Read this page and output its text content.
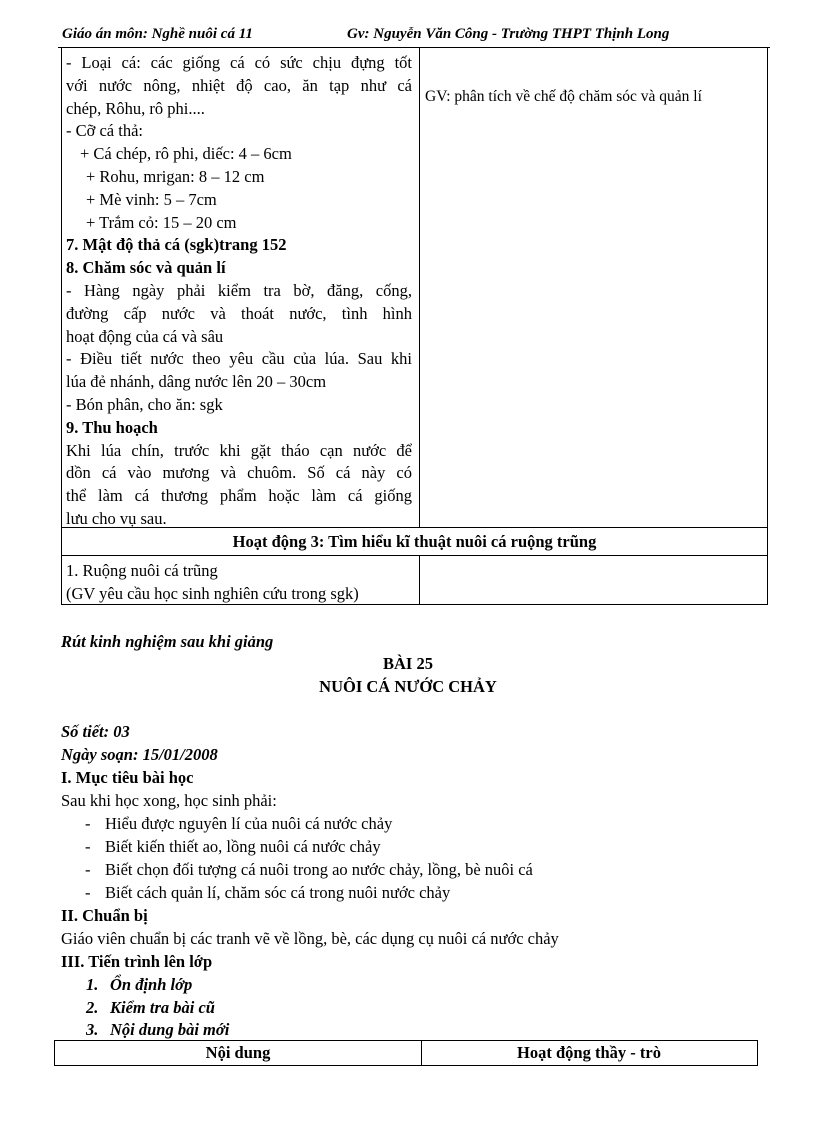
Giáo án môn: Nghề nuôi cá 11	Gv: Nguyễn Văn Công - Trường THPT Thịnh Long

- Loại cá: các giống cá có sức chịu đựng tốt

với nước nông, nhiệt độ cao, ăn tạp như cá

chép, Rôhu, rô phi....

- Cỡ cá thả:

+ Cá chép, rô phi, diếc: 4 – 6cm

+ Rohu, mrigan: 8 – 12 cm

+ Mè vinh: 5 – 7cm

+ Trắm cỏ: 15 – 20 cm

7. Mật độ thả cá (sgk)trang 152

8. Chăm sóc và quản lí

- Hàng ngày phải kiểm tra bờ, đăng, cống,

đường cấp nước và thoát nước, tình hình

hoạt động của cá và sâu

- Điều tiết nước theo yêu cầu của lúa. Sau khi

lúa đẻ nhánh, dâng nước lên 20 – 30cm

- Bón phân, cho ăn: sgk

9. Thu hoạch

Khi lúa chín, trước khi gặt tháo cạn nước để

dồn cá vào mương và chuôm. Số cá này có

thể làm cá thương phẩm hoặc làm cá giống

lưu cho vụ sau.

GV: phân tích về chế độ chăm sóc và quản lí
Hoạt động 3: Tìm hiểu kĩ thuật nuôi cá ruộng trũng
1. Ruộng nuôi cá trũng
(GV yêu cầu học sinh nghiên cứu trong sgk)
Rút kinh nghiệm sau khi giảng
BÀI 25
NUÔI CÁ NƯỚC CHẢY
Số tiết: 03
Ngày soạn: 15/01/2008
I. Mục tiêu bài học
Sau khi học xong, học sinh phải:
- Hiểu được nguyên lí của nuôi cá nước chảy
- Biết kiến thiết ao, lồng nuôi cá nước chảy
- Biết chọn đối tượng cá nuôi trong ao nước chảy, lồng, bè nuôi cá
- Biết cách quản lí, chăm sóc cá trong nuôi nước chảy
II. Chuẩn bị
Giáo viên chuẩn bị các tranh vẽ về lồng, bè, các dụng cụ nuôi cá nước chảy
III. Tiến trình lên lớp
1. Ổn định lớp
2. Kiểm tra bài cũ
3. Nội dung bài mới
Nội dung	Hoạt động thầy - trò
